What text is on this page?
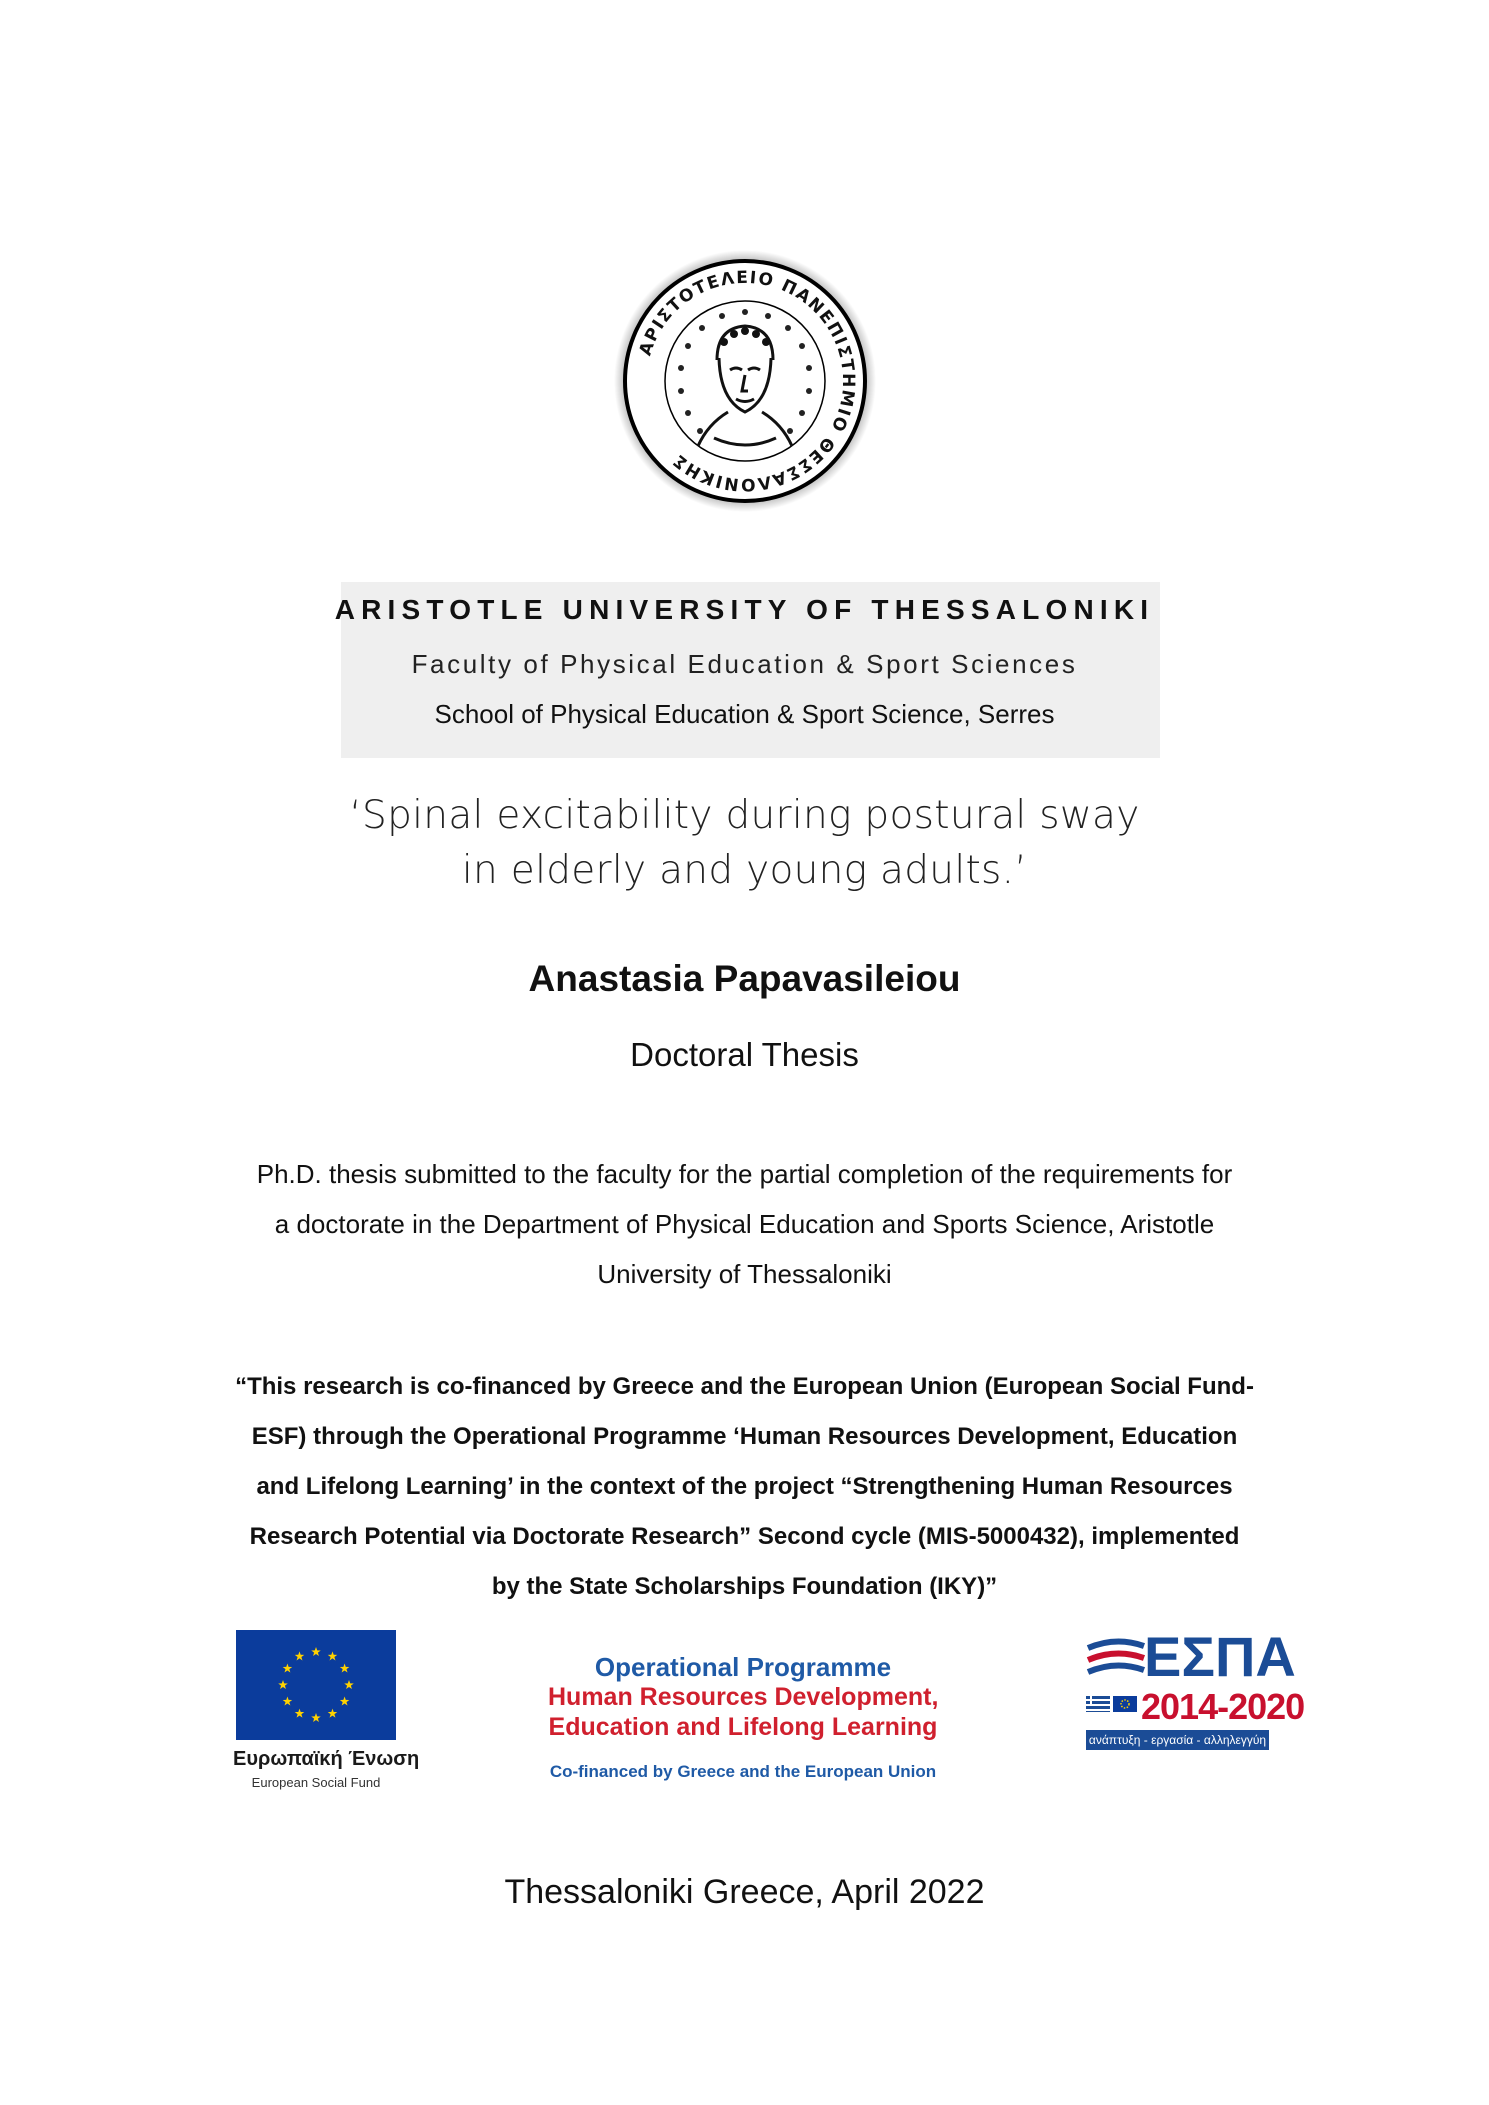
ΑΡΙΣΤΟΤΕΛΕΙΟ ΠΑΝΕΠΙΣΤΗΜΙΟ ΘΕΣΣΑΛΟΝΙΚΗΣ
ARISTOTLE UNIVERSITY OF THESSALONIKI
Faculty of Physical Education & Sport Sciences
School of Physical Education & Sport Science, Serres
‘Spinal excitability during postural sway
in elderly and young adults.’
Anastasia Papavasileiou
Doctoral Thesis
Ph.D. thesis submitted to the faculty for the partial completion of the requirements for
a doctorate in the Department of Physical Education and Sports Science, Aristotle
University of Thessaloniki
“This research is co-financed by Greece and the European Union (European Social Fund-
ESF) through the Operational Programme ‘Human Resources Development, Education
and Lifelong Learning’ in the context of the project “Strengthening Human Resources
Research Potential via Doctorate Research” Second cycle (MIS-5000432), implemented
by the State Scholarships Foundation (IKY)”
Ευρωπαϊκή Ένωση
European Social Fund
Operational Programme
Human Resources Development,
Education and Lifelong Learning
Co-financed by Greece and the European Union
ΕΣΠΑ
2014-2020
ανάπτυξη - εργασία - αλληλεγγύη
Thessaloniki Greece, April 2022
